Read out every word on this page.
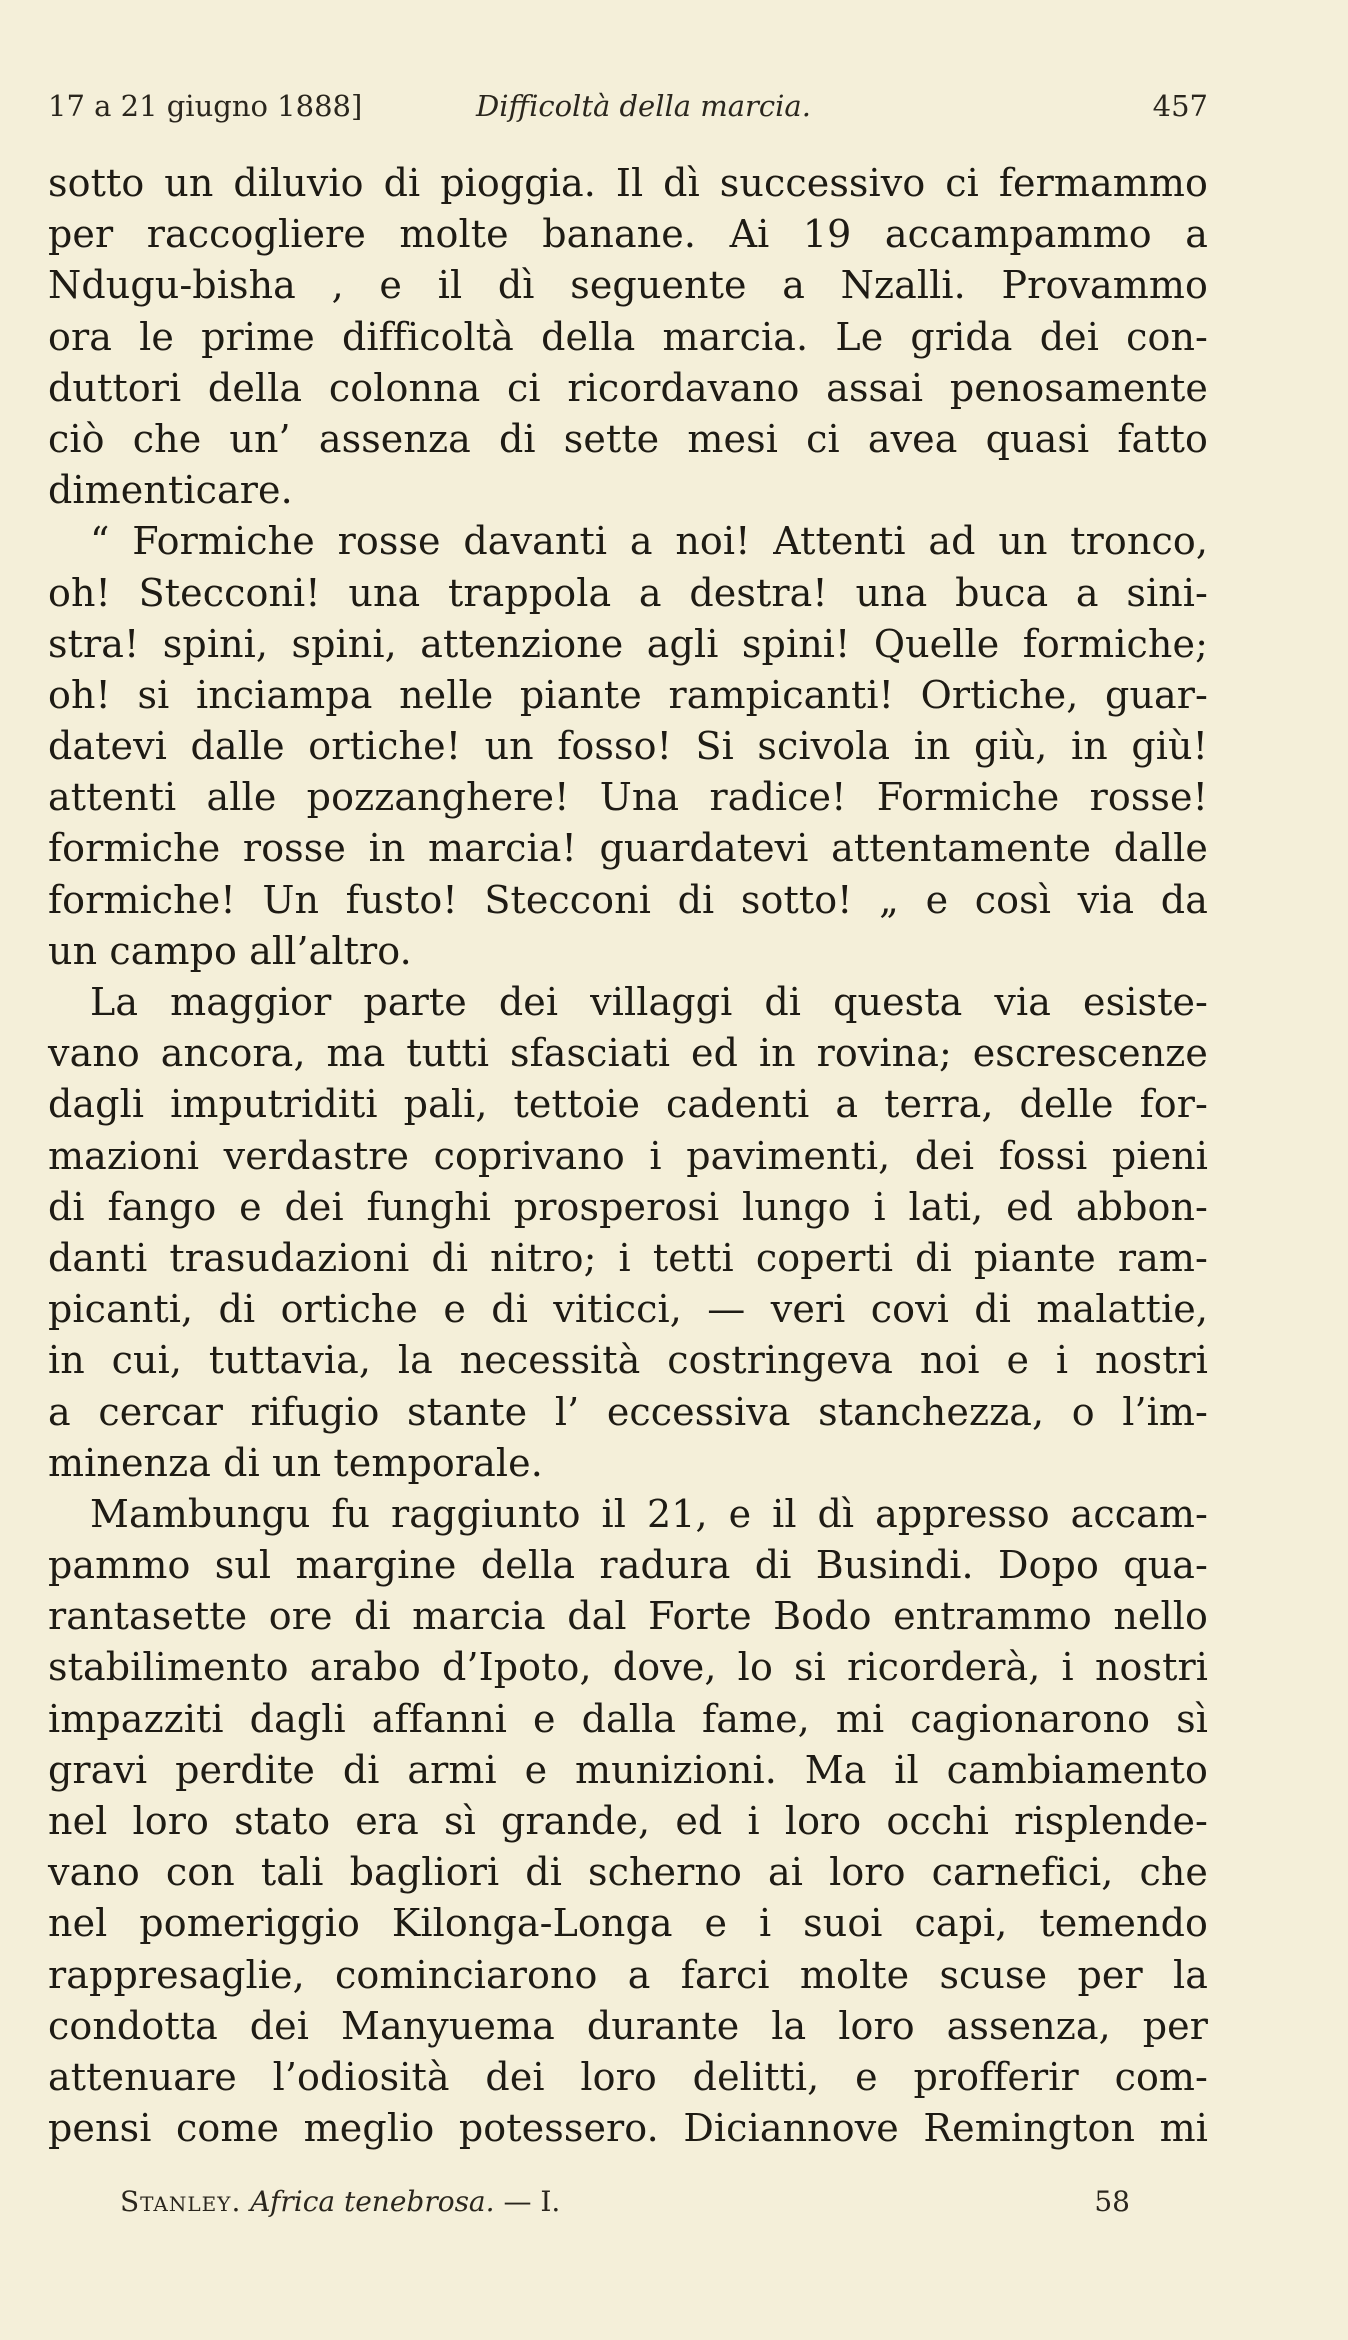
17 a 21 giugno 1888]	Difficoltà della marcia.	457
sotto un diluvio di pioggia. Il dì successivo ci fermammo
per raccogliere molte banane. Ai 19 accampammo a
Ndugu-bisha , e il dì seguente a Nzalli. Provammo
ora le prime difficoltà della marcia. Le grida dei con-
duttori della colonna ci ricordavano assai penosamente
ciò che un’ assenza di sette mesi ci avea quasi fatto
dimenticare.
“ Formiche rosse davanti a noi! Attenti ad un tronco,
oh! Stecconi! una trappola a destra! una buca a sini-
stra! spini, spini, attenzione agli spini! Quelle formiche;
oh! si inciampa nelle piante rampicanti! Ortiche, guar-
datevi dalle ortiche! un fosso! Si scivola in giù, in giù!
attenti alle pozzanghere! Una radice! Formiche rosse!
formiche rosse in marcia! guardatevi attentamente dalle
formiche! Un fusto! Stecconi di sotto! „ e così via da
un campo all’altro.
La maggior parte dei villaggi di questa via esiste-
vano ancora, ma tutti sfasciati ed in rovina; escrescenze
dagli imputriditi pali, tettoie cadenti a terra, delle for-
mazioni verdastre coprivano i pavimenti, dei fossi pieni
di fango e dei funghi prosperosi lungo i lati, ed abbon-
danti trasudazioni di nitro; i tetti coperti di piante ram-
picanti, di ortiche e di viticci, — veri covi di malattie,
in cui, tuttavia, la necessità costringeva noi e i nostri
a cercar rifugio stante l’ eccessiva stanchezza, o l’im-
minenza di un temporale.
Mambungu fu raggiunto il 21, e il dì appresso accam-
pammo sul margine della radura di Busindi. Dopo qua-
rantasette ore di marcia dal Forte Bodo entrammo nello
stabilimento arabo d’Ipoto, dove, lo si ricorderà, i nostri
impazziti dagli affanni e dalla fame, mi cagionarono sì
gravi perdite di armi e munizioni. Ma il cambiamento
nel loro stato era sì grande, ed i loro occhi risplende-
vano con tali bagliori di scherno ai loro carnefici, che
nel pomeriggio Kilonga-Longa e i suoi capi, temendo
rappresaglie, cominciarono a farci molte scuse per la
condotta dei Manyuema durante la loro assenza, per
attenuare l’odiosità dei loro delitti, e profferir com-
pensi come meglio potessero. Diciannove Remington mi
Stanley. Africa tenebrosa. — I.	58
